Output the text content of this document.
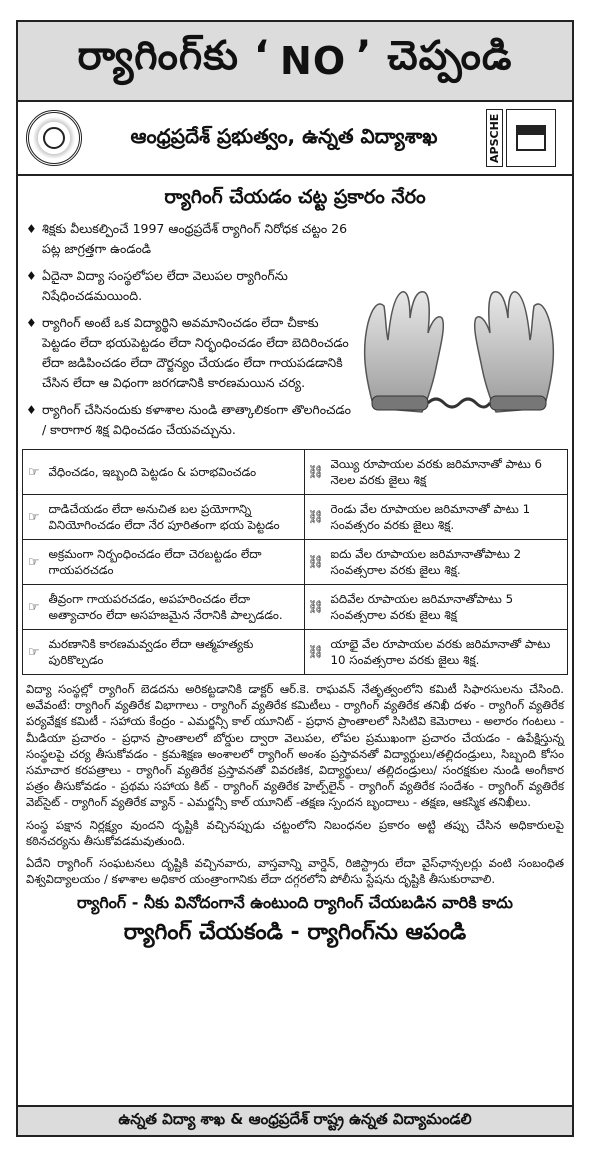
ర్యాగింగ్‌కు ‘ NO ’ చెప్పండి
ఆంధ్రప్రదేశ్ ప్రభుత్వం, ఉన్నత విద్యాశాఖ	APSCHE
ర్యాగింగ్ చేయడం చట్ట ప్రకారం నేరం
♦ శిక్షకు వీలుకల్పించే 1997 ఆంధ్రప్రదేశ్ ర్యాగింగ్ నిరోధక చట్టం 26 పట్ల జాగ్రత్తగా ఉండండి
♦ ఏదైనా విద్యా సంస్థలోపల లేదా వెలుపల ర్యాగింగ్‌ను నిషేధించడమయింది.
♦ ర్యాగింగ్ అంటే ఒక విద్యార్థిని అవమానించడం లేదా చీకాకు పెట్టడం లేదా భయపెట్టడం లేదా నిర్భంధించడం లేదా బెదిరించడం లేదా జడిపించడం లేదా దౌర్జన్యం చేయడం లేదా గాయపడడానికి చేసిన లేదా ఆ విధంగా జరగడానికి కారణమయిన చర్య.
♦ ర్యాగింగ్ చేసినందుకు కళాశాల నుండి తాత్కాలికంగా తొలగించడం / కారాగార శిక్ష విధించడం చేయవచ్చును.
☞	వేధించడం, ఇబ్బంది పెట్టడం & పరాభవించడం	⛓	వెయ్యి రూపాయల వరకు జరిమానాతో పాటు 6 నెలల వరకు జైలు శిక్ష
☞	దాడిచేయడం లేదా అనుచిత బల ప్రయోగాన్ని వినియోగించడం లేదా నేర పూరితంగా భయ పెట్టడం	⛓	రెండు వేల రూపాయల జరిమానాతో పాటు 1 సంవత్సరం వరకు జైలు శిక్ష.
☞	అక్రమంగా నిర్బంధించడం లేదా చెరబట్టడం లేదా గాయపరచడం	⛓	ఐదు వేల రూపాయల జరిమానాతోపాటు 2 సంవత్సరాల వరకు జైలు శిక్ష.
☞	తీవ్రంగా గాయపరచడం, అపహరించడం లేదా అత్యాచారం లేదా అసహజమైన నేరానికి పాల్పడడం.	⛓	పదివేల రూపాయల జరిమానాతోపాటు 5 సంవత్సరాల వరకు జైలు శిక్ష
☞	మరణానికి కారణమవ్వడం లేదా ఆత్మహత్యకు పురికొల్పడం	⛓	యాభై వేల రూపాయల వరకు జరిమానాతో పాటు 10 సంవత్సరాల వరకు జైలు శిక్ష.

విద్యా సంస్థల్లో ర్యాగింగ్ బెడదను అరికట్టడానికి డాక్టర్ ఆర్.కె. రాఘవన్ నేతృత్వంలోని కమిటీ సిఫారసులను చేసింది. అవేవంటే: ర్యాగింగ్ వ్యతిరేక విభాగాలు - ర్యాగింగ్ వ్యతిరేక కమిటీలు - ర్యాగింగ్ వ్యతిరేక తనిఖీ దళం - ర్యాగింగ్ వ్యతిరేక పర్యవేక్షక కమిటీ - సహాయ కేంద్రం - ఎమర్జన్సీ కాల్ యూనిట్ - ప్రధాన ప్రాంతాలలో సిసిటివి కెమెరాలు - అలారం గంటలు - మీడియా ప్రచారం - ప్రధాన ప్రాంతాలలో బోర్డుల ద్వారా వెలుపల, లోపల ప్రముఖంగా ప్రచారం చేయడం - ఉపేక్షిస్తున్న సంస్థలపై చర్య తీసుకోవడం - క్రమశిక్షణ అంశాలలో ర్యాగింగ్ అంశం ప్రస్తావనతో విద్యార్థులు/తల్లిదండ్రులు, సిబ్బంది కోసం సమాచార కరపత్రాలు - ర్యాగింగ్ వ్యతిరేక ప్రస్తావనతో వివరణిక, విద్యార్థులు/ తల్లిదండ్రులు/ సంరక్షకుల నుండి అంగీకార పత్రం తీసుకోవడం - ప్రథమ సహాయ కిట్ - ర్యాగింగ్ వ్యతిరేక హెల్ప్‌లైన్ - ర్యాగింగ్ వ్యతిరేక సందేశం - ర్యాగింగ్ వ్యతిరేక వెబ్‌సైట్ - ర్యాగింగ్ వ్యతిరేక వ్యాన్ - ఎమర్జన్సీ కాల్ యూనిట్ -తక్షణ స్పందన బృందాలు - తక్షణ, ఆకస్మిక తనిఖీలు.

సంస్థ పక్షాన నిర్లక్ష్యం వుందని దృష్టికి వచ్చినప్పుడు చట్టంలోని నిబంధనల ప్రకారం అట్టి తప్పు చేసిన అధికారులపై కఠినచర్యను తీసుకోవడమవుతుంది.

ఏదేని ర్యాగింగ్ సంఘటనలు దృష్టికి వచ్చినవారు, వాస్తవాన్ని వార్డెన్, రిజిస్ట్రారు లేదా వైస్‌ఛాన్సలర్లు వంటి సంబంధిత విశ్వవిద్యాలయం / కళాశాల అధికార యంత్రాంగానికు లేదా దగ్గరలోని పోలీసు స్టేషను దృష్టికి తీసుకురావాలి.

ర్యాగింగ్ - నీకు వినోదంగానే ఉంటుంది ర్యాగింగ్ చేయబడిన వారికి కాదు
ర్యాగింగ్ చేయకండి - ర్యాగింగ్‌ను ఆపండి
ఉన్నత విద్యా శాఖ & ఆంధ్రప్రదేశ్ రాష్ట్ర ఉన్నత విద్యామండలి
